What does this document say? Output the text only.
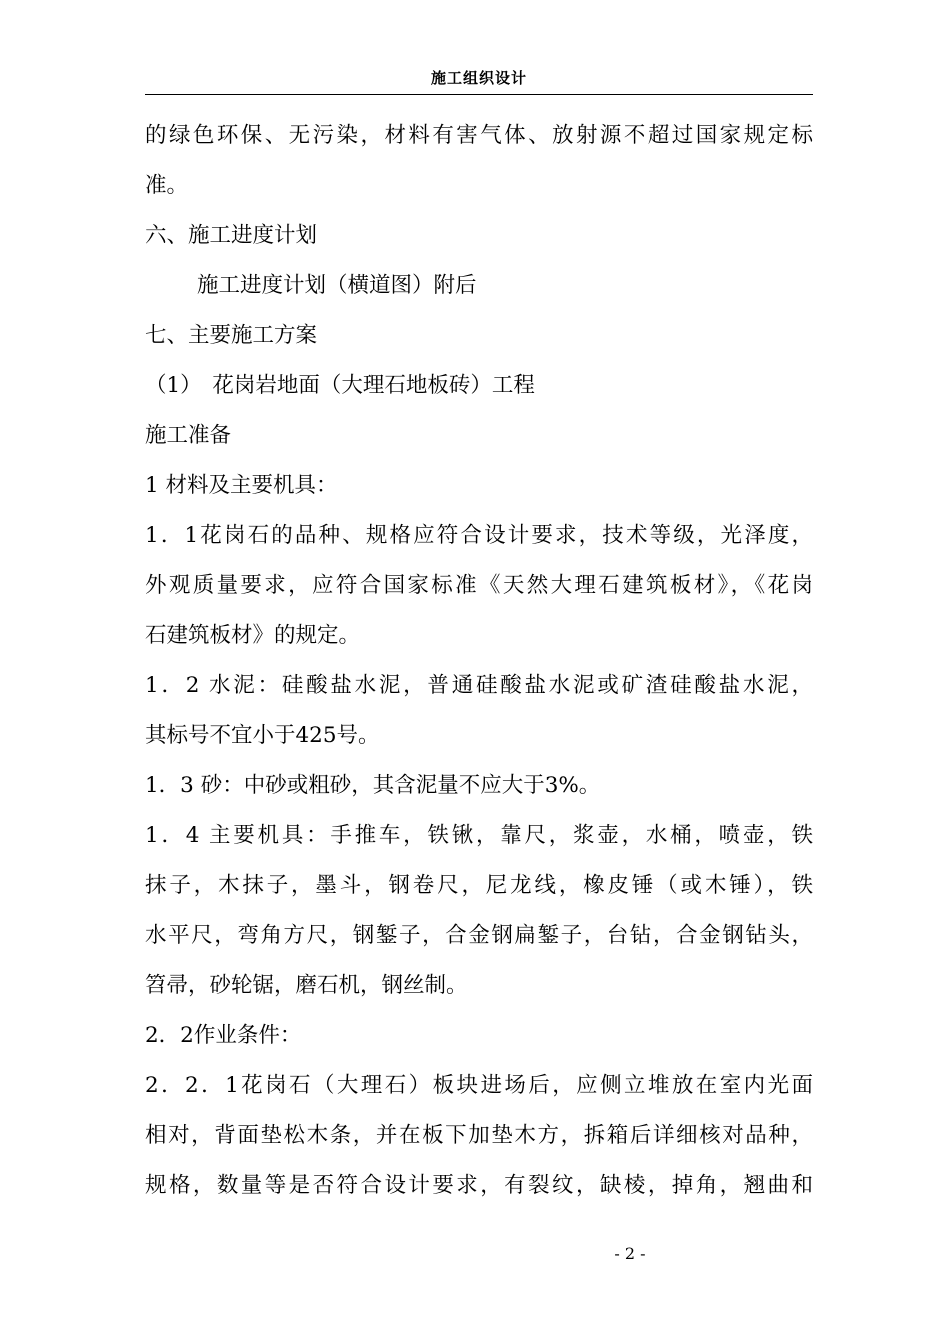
施工组织设计
的绿色环保、无污染，材料有害气体、放射源不超过国家规定标
准。
六、施工进度计划
施工进度计划（横道图）附后
七、主要施工方案
（1）　花岗岩地面（大理石地板砖）工程
施工准备
1 材料及主要机具：
1．1花岗石的品种、规格应符合设计要求，技术等级，光泽度，
外观质量要求，应符合国家标准《天然大理石建筑板材》，《花岗
石建筑板材》的规定。
1．2 水泥：硅酸盐水泥，普通硅酸盐水泥或矿渣硅酸盐水泥，
其标号不宜小于425号。
1．3 砂：中砂或粗砂，其含泥量不应大于3%。
1．4 主要机具：手推车，铁锹，靠尺，浆壶，水桶，喷壶，铁
抹子，木抹子，墨斗，钢卷尺，尼龙线，橡皮锤（或木锤），铁
水平尺，弯角方尺，钢錾子，合金钢扁錾子，台钻，合金钢钻头，
笤帚，砂轮锯，磨石机，钢丝制。
2．2作业条件：
2．2．1花岗石（大理石）板块进场后，应侧立堆放在室内光面
相对，背面垫松木条，并在板下加垫木方，拆箱后详细核对品种，
规格，数量等是否符合设计要求，有裂纹，缺棱，掉角，翘曲和
- 2 -
